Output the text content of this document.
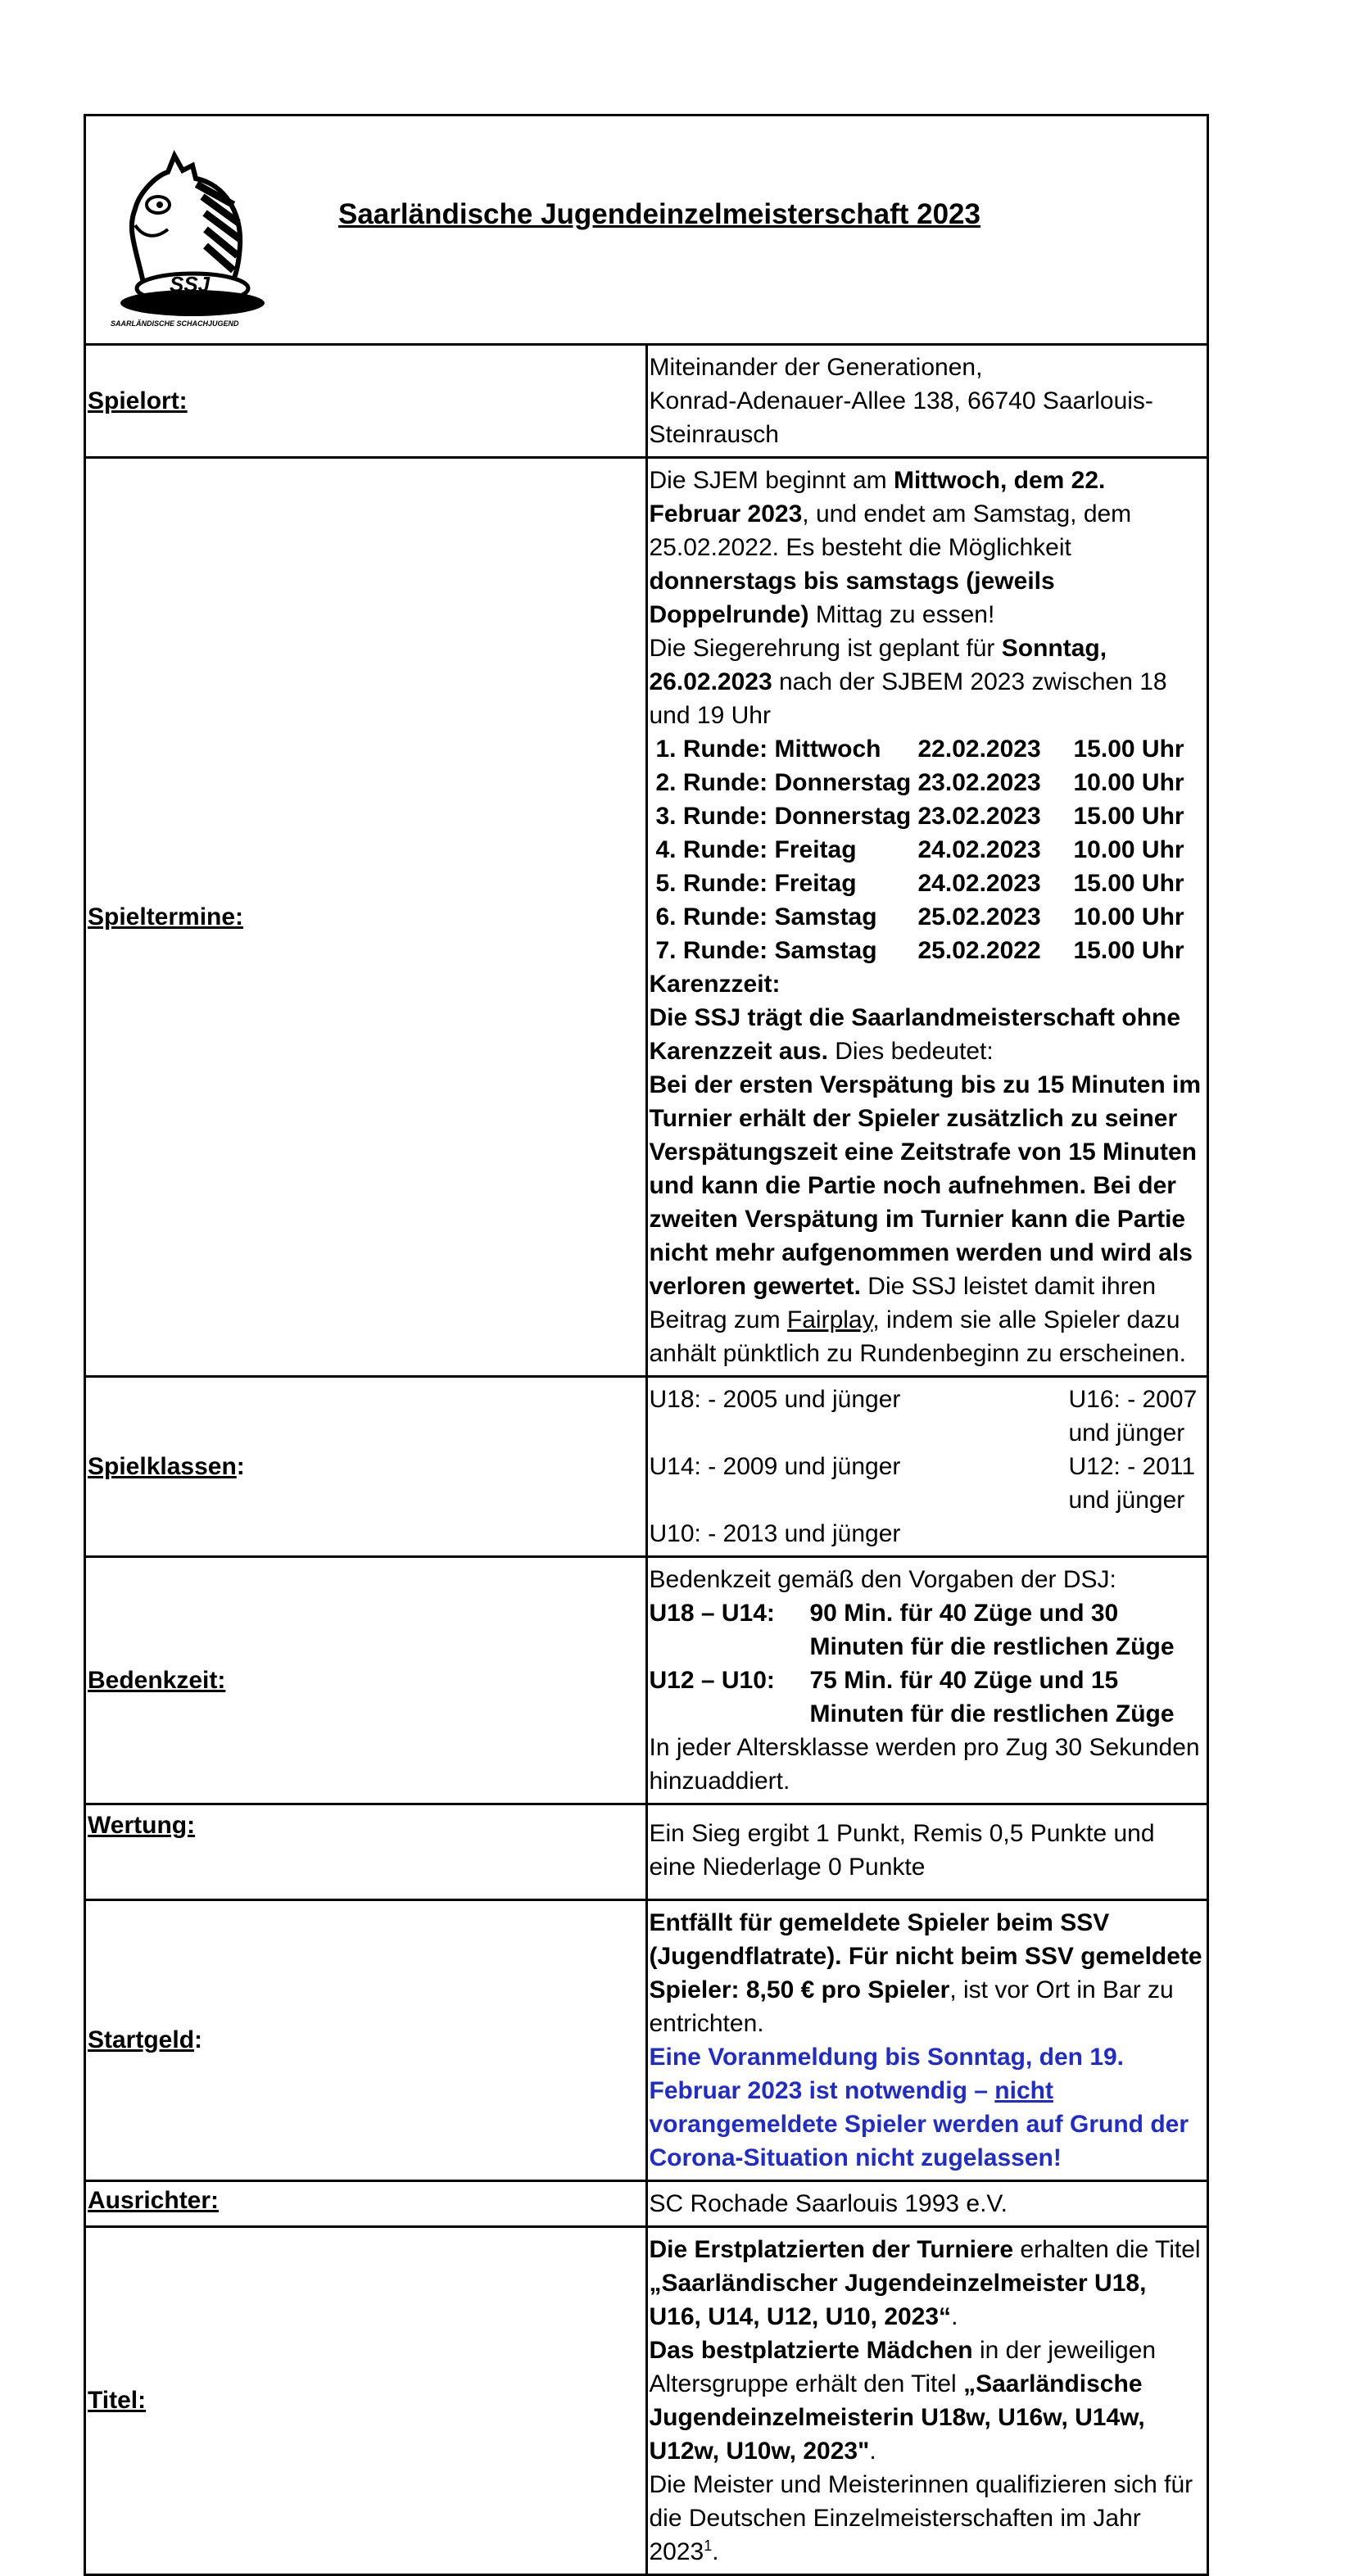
SSJ
SAARLÄNDISCHE SCHACHJUGEND
Saarländische Jugendeinzelmeisterschaft 2023

Spielort:	
Miteinander der Generationen,
Konrad-Adenauer-Allee 138, 66740 Saarlouis-Steinrausch

Spieltermine:	
Die SJEM beginnt am Mittwoch, dem 22. Februar 2023, und endet am Samstag, dem 25.02.2022. Es besteht die Möglichkeit donnerstags bis samstags (jeweils Doppelrunde) Mittag zu essen!
Die Siegerehrung ist geplant für Sonntag, 26.02.2023 nach der SJBEM 2023 zwischen 18 und 19 Uhr
1. Runde: Mittwoch	22.02.2023	15.00 Uhr
2. Runde: Donnerstag	23.02.2023	10.00 Uhr
3. Runde: Donnerstag	23.02.2023	15.00 Uhr
4. Runde: Freitag	24.02.2023	10.00 Uhr
5. Runde: Freitag	24.02.2023	15.00 Uhr
6. Runde: Samstag	25.02.2023	10.00 Uhr
7. Runde: Samstag	25.02.2022	15.00 Uhr
Karenzzeit:
Die SSJ trägt die Saarlandmeisterschaft ohne Karenzzeit aus. Dies bedeutet:
Bei der ersten Verspätung bis zu 15 Minuten im Turnier erhält der Spieler zusätzlich zu seiner Verspätungszeit eine Zeitstrafe von 15 Minuten und kann die Partie noch aufnehmen. Bei der zweiten Verspätung im Turnier kann die Partie nicht mehr aufgenommen werden und wird als verloren gewertet. Die SSJ leistet damit ihren Beitrag zum Fairplay, indem sie alle Spieler dazu anhält pünktlich zu Rundenbeginn zu erscheinen.

Spielklassen:	
U18: - 2005 und jünger	U16: - 2007 und jünger
U14: - 2009 und jünger	U12: - 2011 und jünger
U10: - 2013 und jünger

Bedenkzeit:	
Bedenkzeit gemäß den Vorgaben der DSJ:
U18 – U14:	90 Min. für 40 Züge und 30 Minuten für die restlichen Züge
U12 – U10:	75 Min. für 40 Züge und 15 Minuten für die restlichen Züge
In jeder Altersklasse werden pro Zug 30 Sekunden hinzuaddiert.

Wertung:	Ein Sieg ergibt 1 Punkt, Remis 0,5 Punkte und eine Niederlage 0 Punkte

Startgeld:	
Entfällt für gemeldete Spieler beim SSV (Jugendflatrate). Für nicht beim SSV gemeldete Spieler: 8,50 € pro Spieler, ist vor Ort in Bar zu entrichten.
Eine Voranmeldung bis Sonntag, den 19. Februar 2023 ist notwendig – nicht vorangemeldete Spieler werden auf Grund der Corona-Situation nicht zugelassen!

Ausrichter:	SC Rochade Saarlouis 1993 e.V.

Titel:	
Die Erstplatzierten der Turniere erhalten die Titel „Saarländischer Jugendeinzelmeister U18, U16, U14, U12, U10, 2023“.
Das bestplatzierte Mädchen in der jeweiligen Altersgruppe erhält den Titel „Saarländische Jugendeinzelmeisterin U18w, U16w, U14w, U12w, U10w, 2023".
Die Meister und Meisterinnen qualifizieren sich für die Deutschen Einzelmeisterschaften im Jahr 2023$^1$.
